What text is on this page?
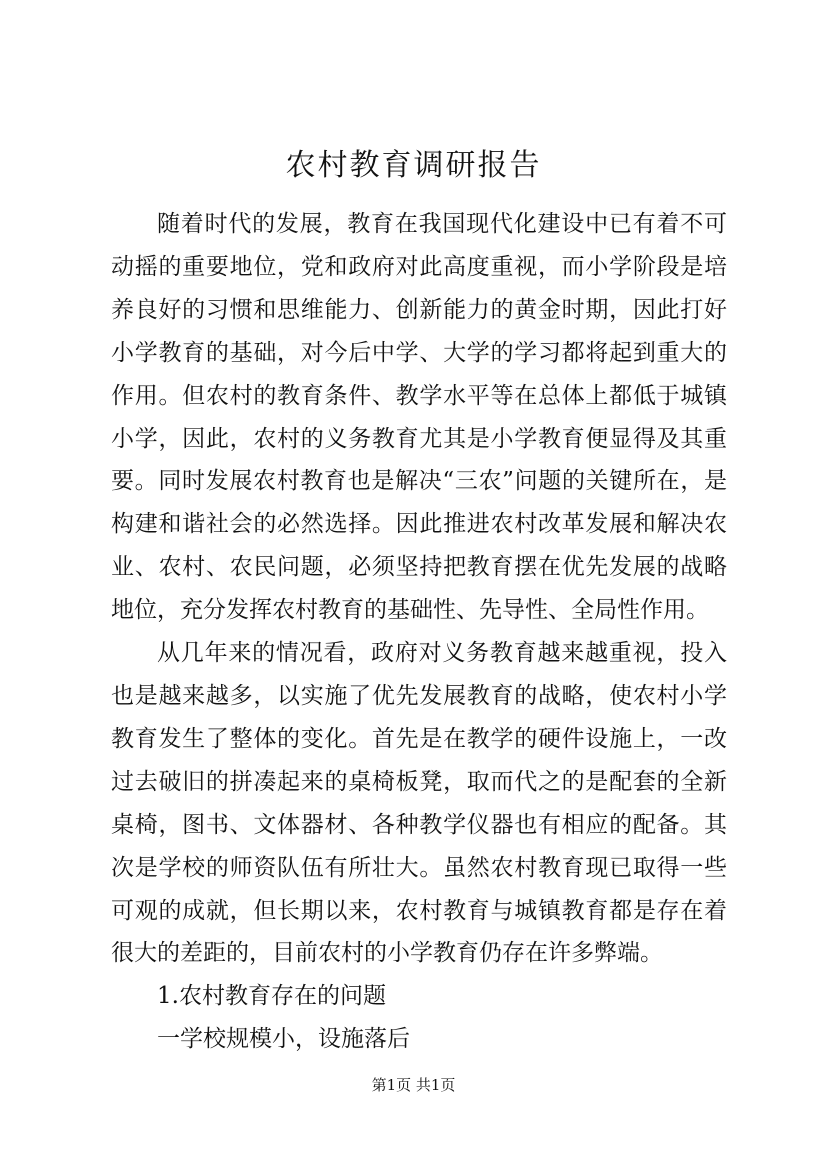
农村教育调研报告

随着时代的发展，教育在我国现代化建设中已有着不可动摇的重要地位，党和政府对此高度重视，而小学阶段是培养良好的习惯和思维能力、创新能力的黄金时期，因此打好小学教育的基础，对今后中学、大学的学习都将起到重大的作用。但农村的教育条件、教学水平等在总体上都低于城镇小学，因此，农村的义务教育尤其是小学教育便显得及其重要。同时发展农村教育也是解决“三农”问题的关键所在，是构建和谐社会的必然选择。因此推进农村改革发展和解决农业、农村、农民问题，必须坚持把教育摆在优先发展的战略地位，充分发挥农村教育的基础性、先导性、全局性作用。

从几年来的情况看，政府对义务教育越来越重视，投入也是越来越多，以实施了优先发展教育的战略，使农村小学教育发生了整体的变化。首先是在教学的硬件设施上，一改过去破旧的拼凑起来的桌椅板凳，取而代之的是配套的全新桌椅，图书、文体器材、各种教学仪器也有相应的配备。其次是学校的师资队伍有所壮大。虽然农村教育现已取得一些可观的成就，但长期以来，农村教育与城镇教育都是存在着很大的差距的，目前农村的小学教育仍存在许多弊端。

1.农村教育存在的问题

一学校规模小，设施落后

第1页 共1页
